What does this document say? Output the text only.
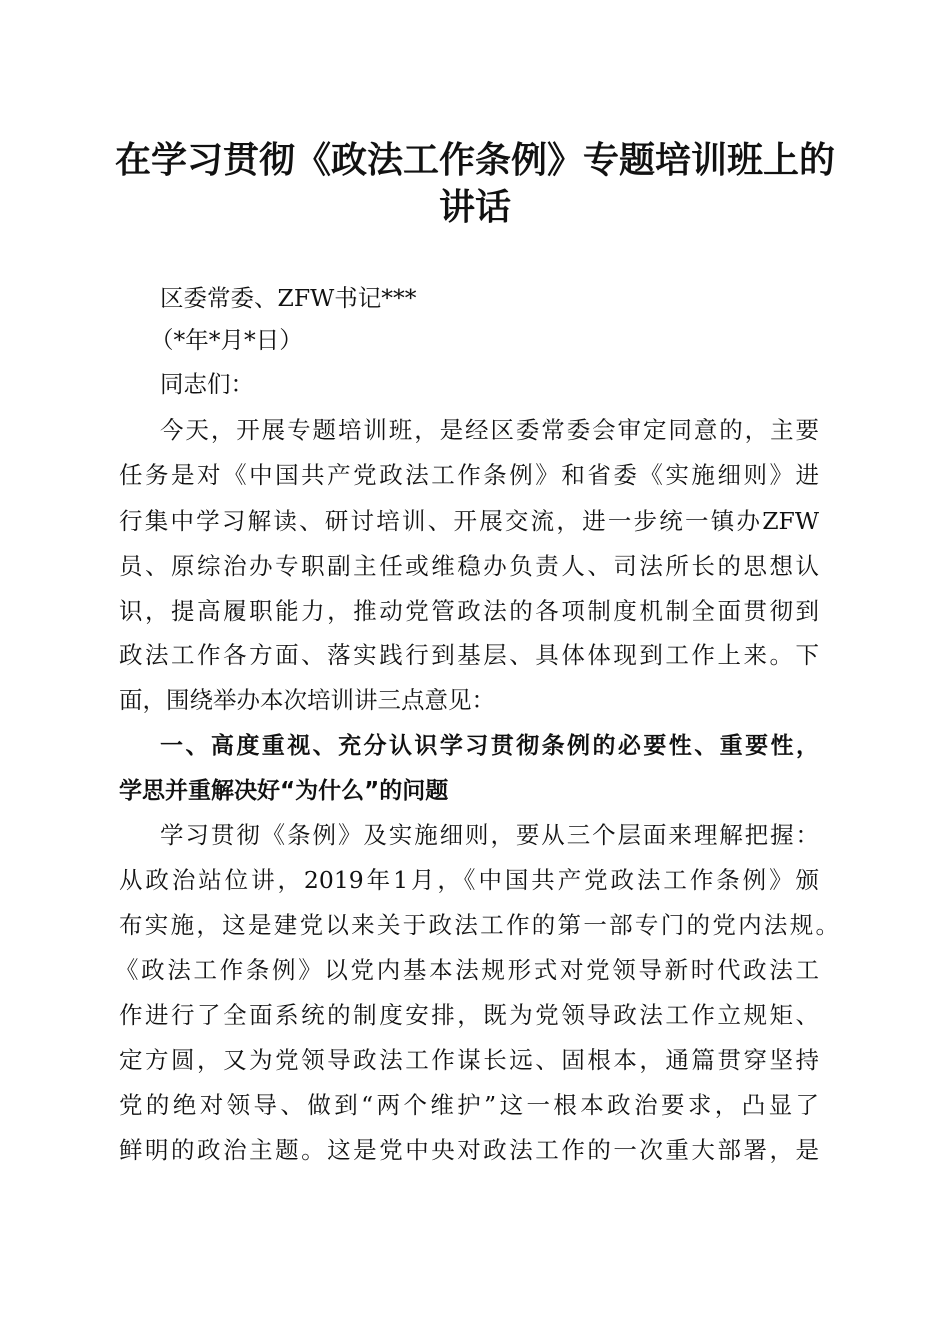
在学习贯彻《政法工作条例》专题培训班上的
讲话
区委常委、ZFW书记***
（*年*月*日）
同志们：
今天，开展专题培训班，是经区委常委会审定同意的，主要
任务是对《中国共产党政法工作条例》和省委《实施细则》进
行集中学习解读、研讨培训、开展交流，进一步统一镇办ZFW
员、原综治办专职副主任或维稳办负责人、司法所长的思想认
识，提高履职能力，推动党管政法的各项制度机制全面贯彻到
政法工作各方面、落实践行到基层、具体体现到工作上来。下
面，围绕举办本次培训讲三点意见：
一、高度重视、充分认识学习贯彻条例的必要性、重要性，
学思并重解决好“为什么”的问题
学习贯彻《条例》及实施细则，要从三个层面来理解把握：
从政治站位讲，2019年1月，《中国共产党政法工作条例》颁
布实施，这是建党以来关于政法工作的第一部专门的党内法规。
《政法工作条例》以党内基本法规形式对党领导新时代政法工
作进行了全面系统的制度安排，既为党领导政法工作立规矩、
定方圆，又为党领导政法工作谋长远、固根本，通篇贯穿坚持
党的绝对领导、做到“两个维护”这一根本政治要求，凸显了
鲜明的政治主题。这是党中央对政法工作的一次重大部署，是
